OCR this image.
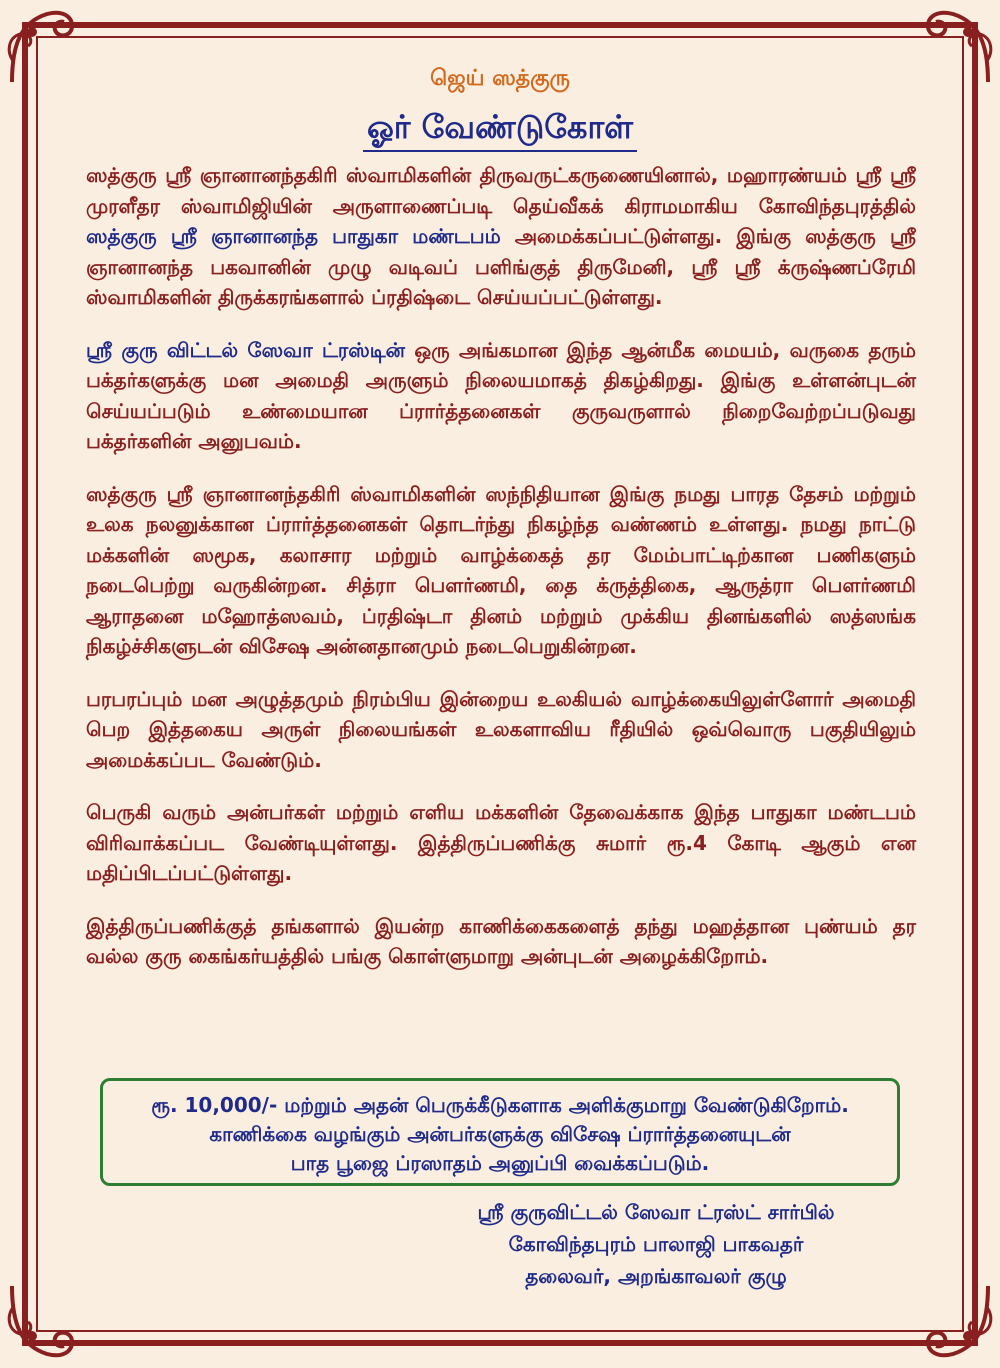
ஜெய் ஸத்குரு
ஓர் வேண்டுகோள்

ஸத்குரு ஸ்ரீ ஞானானந்தகிரி ஸ்வாமிகளின் திருவருட்கருணையினால், மஹாரண்யம் ஸ்ரீ ஸ்ரீ முரளீதர ஸ்வாமிஜியின் அருளாணைப்படி தெய்வீகக் கிராமமாகிய கோவிந்தபுரத்தில் ஸத்குரு ஸ்ரீ ஞானானந்த பாதுகா மண்டபம் அமைக்கப்பட்டுள்ளது. இங்கு ஸத்குரு ஸ்ரீ ஞானானந்த பகவானின் முழு வடிவப் பளிங்குத் திருமேனி, ஸ்ரீ ஸ்ரீ க்ருஷ்ணப்ரேமி ஸ்வாமிகளின் திருக்கரங்களால் ப்ரதிஷ்டை செய்யப்பட்டுள்ளது.

ஸ்ரீ குரு விட்டல் ஸேவா ட்ரஸ்டின் ஒரு அங்கமான இந்த ஆன்மீக மையம், வருகை தரும் பக்தர்களுக்கு மன அமைதி அருளும் நிலையமாகத் திகழ்கிறது. இங்கு உள்ளன்புடன் செய்யப்படும் உண்மையான ப்ரார்த்தனைகள் குருவருளால் நிறைவேற்றப்படுவது பக்தர்களின் அனுபவம்.

ஸத்குரு ஸ்ரீ ஞானானந்தகிரி ஸ்வாமிகளின் ஸந்நிதியான இங்கு நமது பாரத தேசம் மற்றும் உலக நலனுக்கான ப்ரார்த்தனைகள் தொடர்ந்து நிகழ்ந்த வண்ணம் உள்ளது. நமது நாட்டு மக்களின் ஸமூக, கலாசார மற்றும் வாழ்க்கைத் தர மேம்பாட்டிற்கான பணிகளும் நடைபெற்று வருகின்றன. சித்ரா பௌர்ணமி, தை க்ருத்திகை, ஆருத்ரா பௌர்ணமி ஆராதனை மஹோத்ஸவம், ப்ரதிஷ்டா தினம் மற்றும் முக்கிய தினங்களில் ஸத்ஸங்க நிகழ்ச்சிகளுடன் விசேஷ அன்னதானமும் நடைபெறுகின்றன.

பரபரப்பும் மன அழுத்தமும் நிரம்பிய இன்றைய உலகியல் வாழ்க்கையிலுள்ளோர் அமைதி பெற இத்தகைய அருள் நிலையங்கள் உலகளாவிய ரீதியில் ஒவ்வொரு பகுதியிலும் அமைக்கப்பட வேண்டும்.

பெருகி வரும் அன்பர்கள் மற்றும் எளிய மக்களின் தேவைக்காக இந்த பாதுகா மண்டபம் விரிவாக்கப்பட வேண்டியுள்ளது. இத்திருப்பணிக்கு சுமார் ரூ.4 கோடி ஆகும் என மதிப்பிடப்பட்டுள்ளது.

இத்திருப்பணிக்குத் தங்களால் இயன்ற காணிக்கைகளைத் தந்து மஹத்தான புண்யம் தர வல்ல குரு கைங்கர்யத்தில் பங்கு கொள்ளுமாறு அன்புடன் அழைக்கிறோம்.

ரூ. 10,000/- மற்றும் அதன் பெருக்கீடுகளாக அளிக்குமாறு வேண்டுகிறோம்.
காணிக்கை வழங்கும் அன்பர்களுக்கு விசேஷ ப்ரார்த்தனையுடன்
பாத பூஜை ப்ரஸாதம் அனுப்பி வைக்கப்படும்.
ஸ்ரீ குருவிட்டல் ஸேவா ட்ரஸ்ட் சார்பில்
கோவிந்தபுரம் பாலாஜி பாகவதர்
தலைவர், அறங்காவலர் குழு
